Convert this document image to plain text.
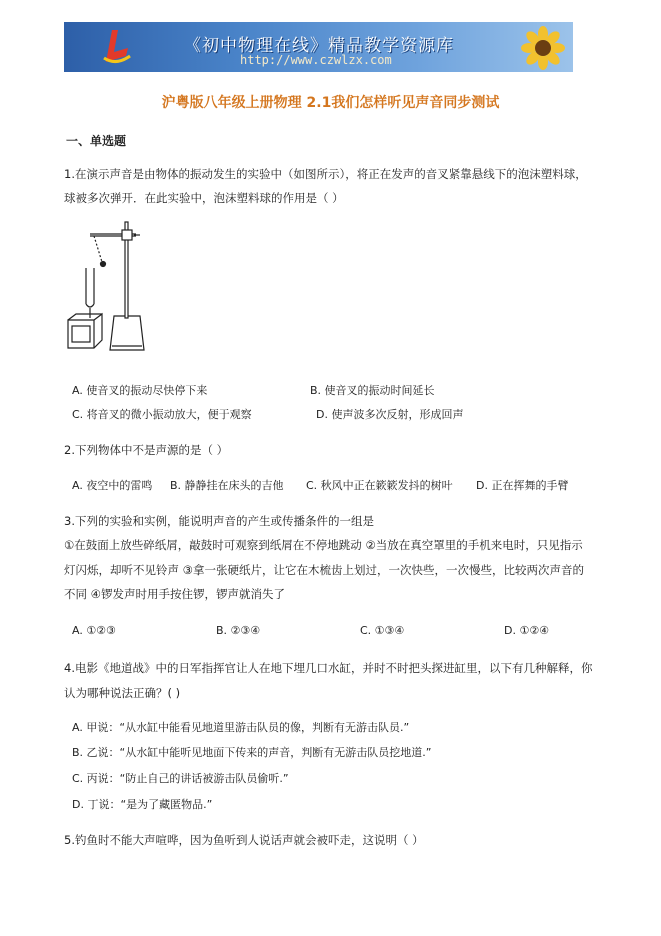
《初中物理在线》精品教学资源库
http://www.czwlzx.com
沪粤版八年级上册物理 2.1我们怎样听见声音同步测试
一、单选题
1.在演示声音是由物体的振动发生的实验中（如图所示），将正在发声的音叉紧靠悬线下的泡沫塑料球，
球被多次弹开．在此实验中，泡沫塑料球的作用是（ ）
A. 使音叉的振动尽快停下来	B. 使音叉的振动时间延长
C. 将音叉的微小振动放大，便于观察	D. 使声波多次反射，形成回声
2.下列物体中不是声源的是（ ）
A. 夜空中的雷鸣 B. 静静挂在床头的吉他 C. 秋风中正在簌簌发抖的树叶 D. 正在挥舞的手臂
3.下列的实验和实例，能说明声音的产生或传播条件的一组是
①在鼓面上放些碎纸屑，敲鼓时可观察到纸屑在不停地跳动 ②当放在真空罩里的手机来电时，只见指示
灯闪烁，却听不见铃声 ③拿一张硬纸片，让它在木梳齿上划过，一次快些，一次慢些，比较两次声音的
不同 ④锣发声时用手按住锣，锣声就消失了
A. ①②③	B. ②③④	C. ①③④	D. ①②④
4.电影《地道战》中的日军指挥官让人在地下埋几口水缸，并时不时把头探进缸里，以下有几种解释，你
认为哪种说法正确？( )
A. 甲说：“从水缸中能看见地道里游击队员的像，判断有无游击队员.”
B. 乙说：“从水缸中能听见地面下传来的声音，判断有无游击队员挖地道.”
C. 丙说：“防止自己的讲话被游击队员偷听.”
D. 丁说：“是为了藏匿物品.”
5.钓鱼时不能大声喧哗，因为鱼听到人说话声就会被吓走，这说明（ ）
